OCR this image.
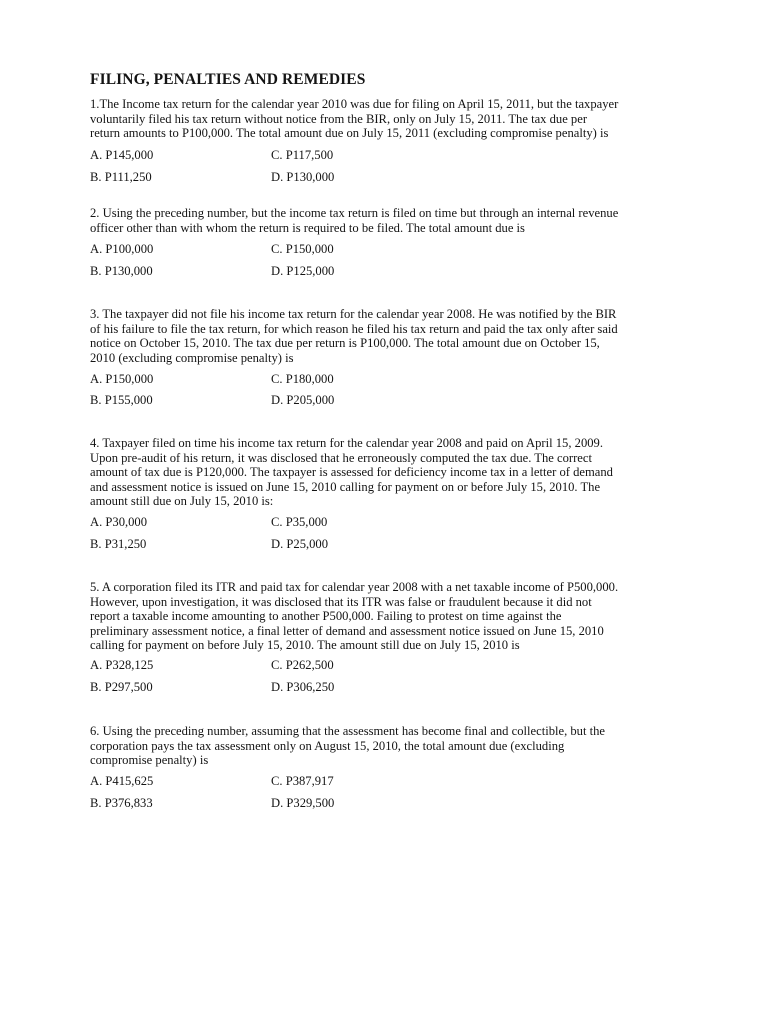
FILING, PENALTIES AND REMEDIES
1.The Income tax return for the calendar year 2010 was due for filing on April 15, 2011, but the taxpayer
voluntarily filed his tax return without notice from the BIR, only on July 15, 2011. The tax due per
return amounts to P100,000. The total amount due on July 15, 2011 (excluding compromise penalty) is
A. P145,000	C. P117,500
B. P111,250	D. P130,000
2. Using the preceding number, but the income tax return is filed on time but through an internal revenue
officer other than with whom the return is required to be filed. The total amount due is
A. P100,000	C. P150,000
B. P130,000	D. P125,000
3. The taxpayer did not file his income tax return for the calendar year 2008. He was notified by the BIR
of his failure to file the tax return, for which reason he filed his tax return and paid the tax only after said
notice on October 15, 2010. The tax due per return is P100,000. The total amount due on October 15,
2010 (excluding compromise penalty) is
A. P150,000	C. P180,000
B. P155,000	D. P205,000
4. Taxpayer filed on time his income tax return for the calendar year 2008 and paid on April 15, 2009.
Upon pre-audit of his return, it was disclosed that he erroneously computed the tax due. The correct
amount of tax due is P120,000. The taxpayer is assessed for deficiency income tax in a letter of demand
and assessment notice is issued on June 15, 2010 calling for payment on or before July 15, 2010. The
amount still due on July 15, 2010 is:
A. P30,000	C. P35,000
B. P31,250	D. P25,000
5. A corporation filed its ITR and paid tax for calendar year 2008 with a net taxable income of P500,000.
However, upon investigation, it was disclosed that its ITR was false or fraudulent because it did not
report a taxable income amounting to another P500,000. Failing to protest on time against the
preliminary assessment notice, a final letter of demand and assessment notice issued on June 15, 2010
calling for payment on before July 15, 2010. The amount still due on July 15, 2010 is
A. P328,125	C. P262,500
B. P297,500	D. P306,250
6. Using the preceding number, assuming that the assessment has become final and collectible, but the
corporation pays the tax assessment only on August 15, 2010, the total amount due (excluding
compromise penalty) is
A. P415,625	C. P387,917
B. P376,833	D. P329,500
